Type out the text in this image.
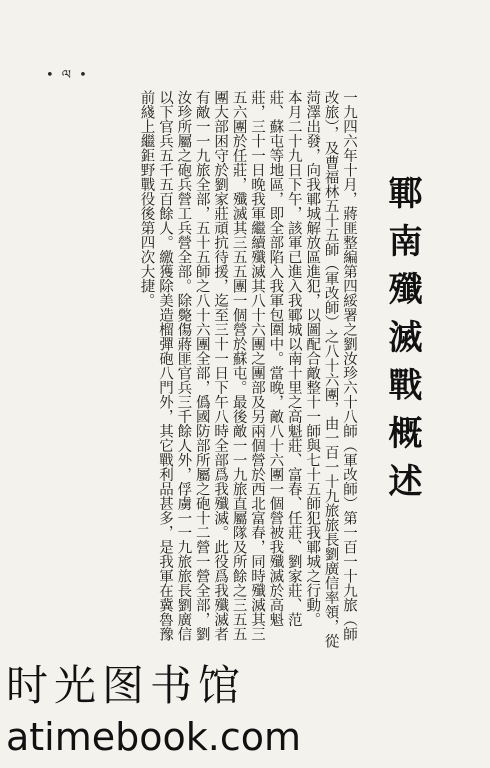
• ལ •
鄆南殲滅戰概述

一九四六年十月，蔣匪整編第四綏署之劉汝珍六十八師（軍改師）第一百一十九旅（師改旅），及曹福林五十五師（軍改師）之八十六團，由一百一十九旅旅長劉廣信率領，從菏澤出發，向我鄆城解放區進犯，以圖配合敵整十一師與七十五師犯我鄆城之行動。

本月二十九日下午，該軍已進入我鄆城以南十里之高魁莊、富春、任莊、劉家莊、范莊、蘇屯等地區，即全部陷入我軍包圍中。當晚，敵八十六團一個營被我殲滅於高魁莊，三十一日晚我軍繼續殲滅其八十六團之團部及另兩個營於西北富春，同時殲滅其三五六團於任莊，殲滅其三五五團一個營於蘇屯。最後敵一一九旅直屬隊及所餘之三五五團大部困守於劉家莊頑抗待援，迄至三十一日下午八時全部爲我殲滅。此役爲我殲滅者有敵一一九旅全部，五十五師之八十六團全部，僞國防部所屬之砲十二營一營全部，劉汝珍所屬之砲兵營工兵營全部。除斃傷蔣匪官兵三千餘人外，俘虜一一九旅旅長劉廣信以下官兵五千五百餘人。繳獲除美造榴彈砲八門外，其它戰利品甚多，是我軍在冀魯豫前綫上繼鉅野戰役後第四次大捷。

时光图书馆
atimebook.com
